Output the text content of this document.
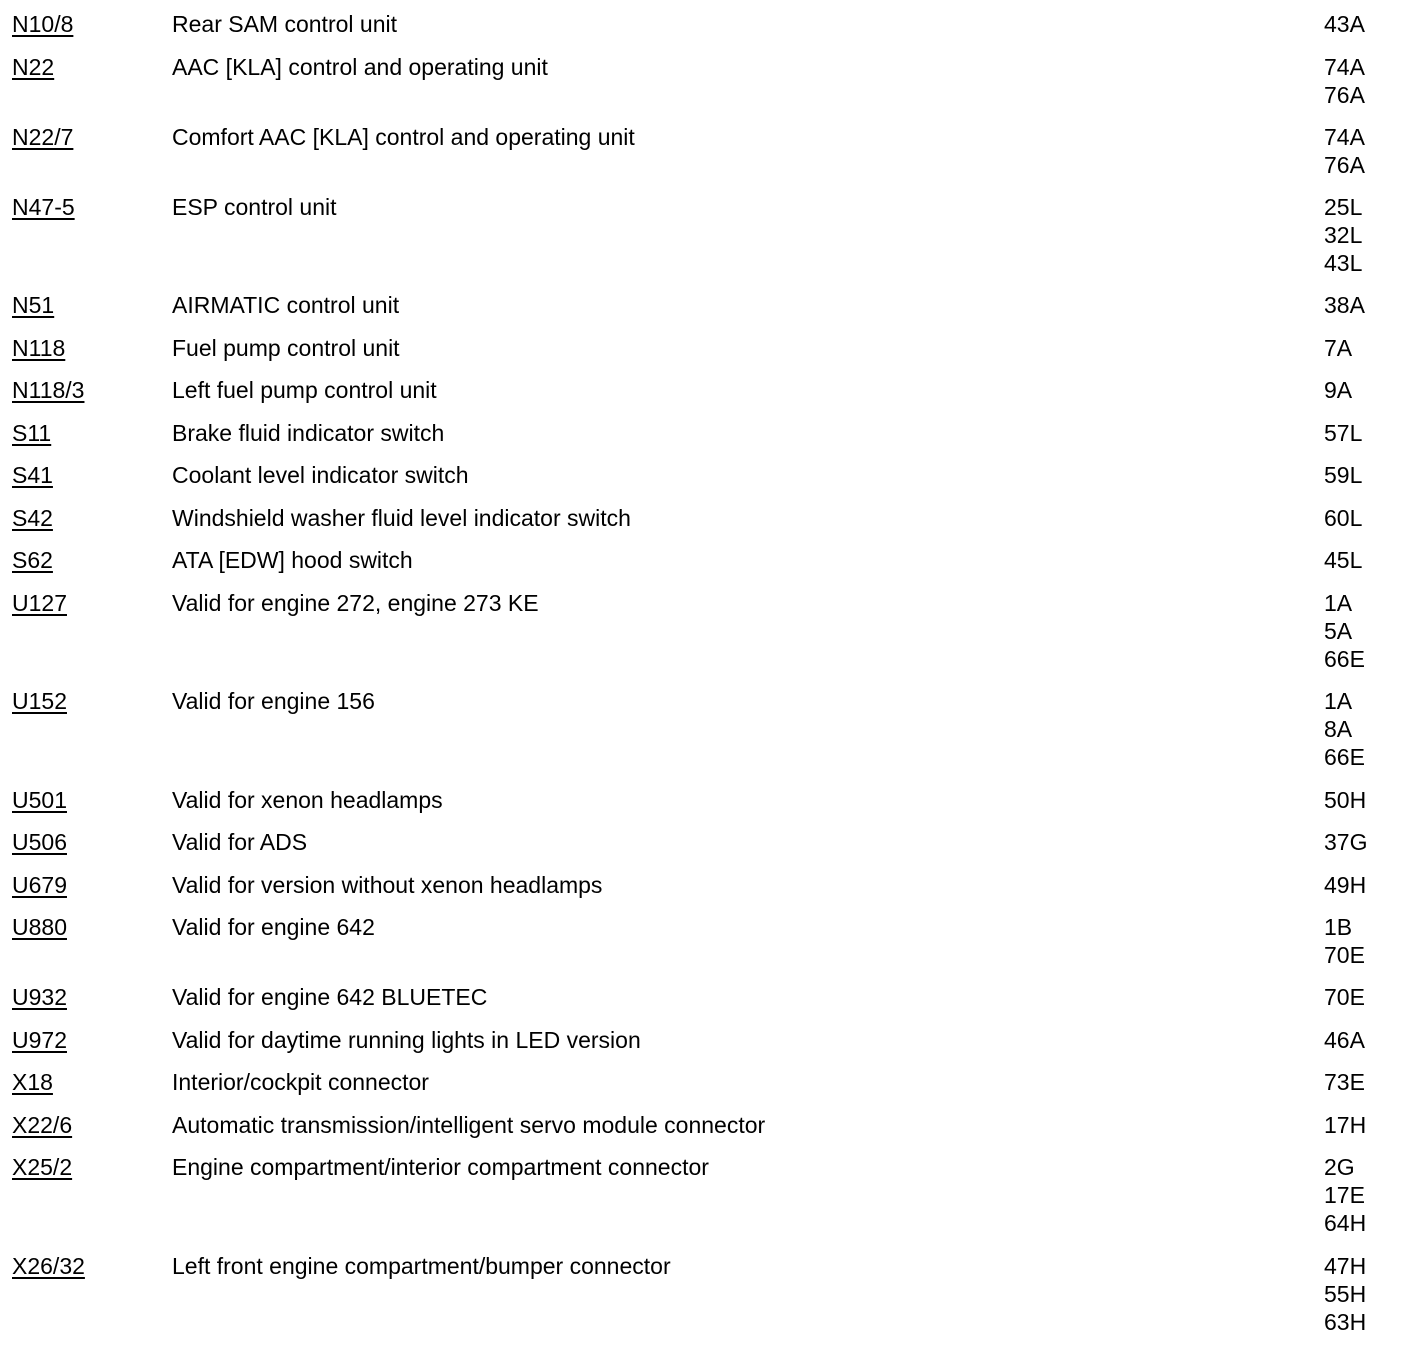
N10/8	Rear SAM control unit	43A
N22	AAC [KLA] control and operating unit	74A
76A
N22/7	Comfort AAC [KLA] control and operating unit	74A
76A
N47-5	ESP control unit	25L
32L
43L
N51	AIRMATIC control unit	38A
N118	Fuel pump control unit	7A
N118/3	Left fuel pump control unit	9A
S11	Brake fluid indicator switch	57L
S41	Coolant level indicator switch	59L
S42	Windshield washer fluid level indicator switch	60L
S62	ATA [EDW] hood switch	45L
U127	Valid for engine 272, engine 273 KE	1A
5A
66E
U152	Valid for engine 156	1A
8A
66E
U501	Valid for xenon headlamps	50H
U506	Valid for ADS	37G
U679	Valid for version without xenon headlamps	49H
U880	Valid for engine 642	1B
70E
U932	Valid for engine 642 BLUETEC	70E
U972	Valid for daytime running lights in LED version	46A
X18	Interior/cockpit connector	73E
X22/6	Automatic transmission/intelligent servo module connector	17H
X25/2	Engine compartment/interior compartment connector	2G
17E
64H
X26/32	Left front engine compartment/bumper connector	47H
55H
63H
